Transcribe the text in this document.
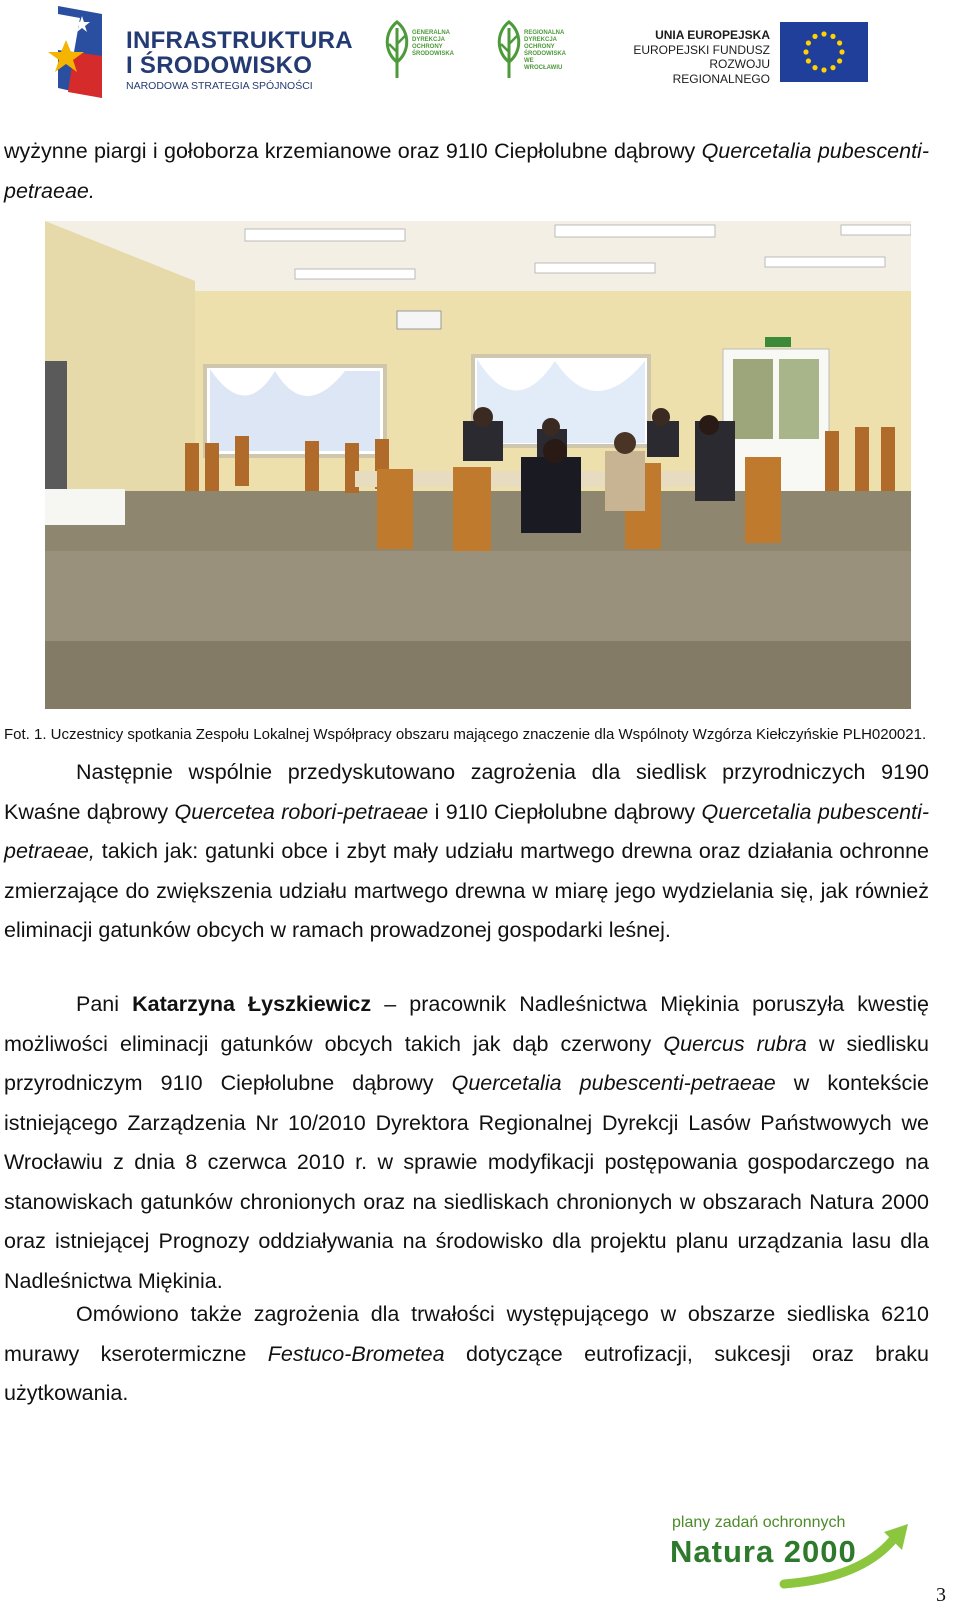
INFRASTRUKTURA
I ŚRODOWISKO
NARODOWA STRATEGIA SPÓJNOŚCI
GENERALNA DYREKCJA OCHRONY ŚRODOWISKA
REGIONALNA DYREKCJA OCHRONY ŚRODOWISKA WE WROCŁAWIU
UNIA EUROPEJSKA
EUROPEJSKI FUNDUSZ
ROZWOJU REGIONALNEGO

wyżynne piargi i gołoborza krzemianowe oraz 91I0 Ciepłolubne dąbrowy Quercetalia pubescenti-petraeae.

Fot. 1. Uczestnicy spotkania Zespołu Lokalnej Współpracy obszaru mającego znaczenie dla Wspólnoty Wzgórza Kiełczyńskie PLH020021.

Następnie wspólnie przedyskutowano zagrożenia dla siedlisk przyrodniczych 9190 Kwaśne dąbrowy Quercetea robori-petraeae i 91I0 Ciepłolubne dąbrowy Quercetalia pubescenti-petraeae, takich jak: gatunki obce i zbyt mały udziału martwego drewna oraz działania ochronne zmierzające do zwiększenia udziału martwego drewna w miarę jego wydzielania się, jak również eliminacji gatunków obcych w ramach prowadzonej gospodarki leśnej.

Pani Katarzyna Łyszkiewicz – pracownik Nadleśnictwa Miękinia poruszyła kwestię możliwości eliminacji gatunków obcych takich jak dąb czerwony Quercus rubra w siedlisku przyrodniczym 91I0 Ciepłolubne dąbrowy Quercetalia pubescenti-petraeae w kontekście istniejącego Zarządzenia Nr 10/2010 Dyrektora Regionalnej Dyrekcji Lasów Państwowych we Wrocławiu z dnia 8 czerwca 2010 r. w sprawie modyfikacji postępowania gospodarczego na stanowiskach gatunków chronionych oraz na siedliskach chronionych w obszarach Natura 2000 oraz istniejącej Prognozy oddziaływania na środowisko dla projektu planu urządzania lasu dla Nadleśnictwa Miękinia.

Omówiono także zagrożenia dla trwałości występującego w obszarze siedliska 6210 murawy kserotermiczne Festuco-Brometea dotyczące eutrofizacji, sukcesji oraz braku użytkowania.

plany zadań ochronnych
Natura 2000
3
